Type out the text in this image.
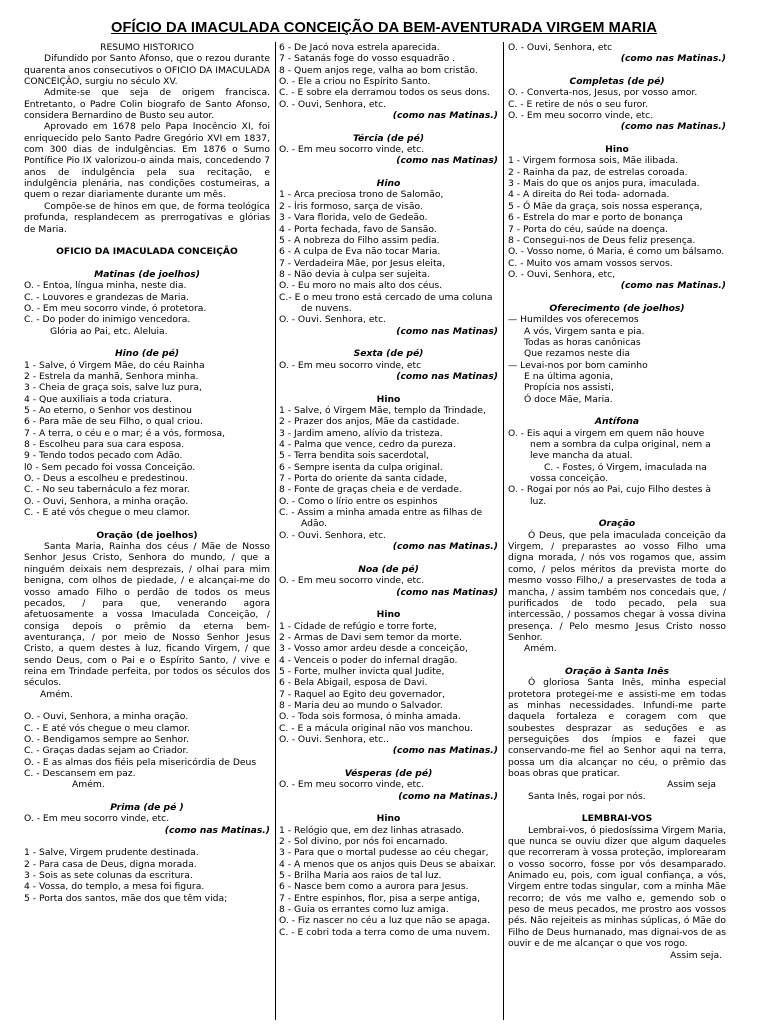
OFÍCIO DA IMACULADA CONCEIÇÃO DA BEM-AVENTURADA VIRGEM MARIA

RESUMO HISTORICO

Difundido por Santo Afonso, que o rezou durante quarenta anos consecutivos o OFICIO DA IMACULADA CONCEIÇÃO, surgiu no século XV.

Admite-se que seja de origem francisca. Entretanto, o Padre Colin biografo de Santo Afonso, considera Bernardino de Busto seu autor.

Aprovado em 1678 pelo Papa Inocêncio XI, foi enriquecido pelo Santo Padre Gregório XVI em 1837, com 300 dias de indulgências. Em 1876 o Sumo Pontífice Pio IX valorizou-o ainda mais, concedendo 7 anos de indulgência pela sua recitação, e indulgência plenária, nas condições costumeiras, a quem o rezar diariamente durante um mês.

Compõe-se de hinos em que, de forma teológica profunda, resplandecem as prerrogativas e glórias de Maria.

OFICIO DA IMACULADA CONCEIÇÃO

Matinas (de joelhos)

O. - Entoa, língua minha, neste dia.

C. - Louvores e grandezas de Maria.

O. - Em meu socorro vinde, ó protetora.

C. - Do poder do inimigo vencedora.

Glória ao Pai, etc. Aleluia.

Hino (de pé)

1 - Salve, ó Virgem Mãe, do céu Rainha

2 - Estrela da manhã, Senhora minha.

3 - Cheia de graça sois, salve luz pura,

4 - Que auxiliais a toda criatura.

5 - Ao eterno, o Senhor vos destinou

6 - Para mãe de seu Filho, o qual criou.

7 - A terra, o céu e o mar; é a vós, formosa,

8 - Escolheu para sua cara esposa.

9 - Tendo todos pecado com Adão.

l0 - Sem pecado foi vossa Conceição.

O. - Deus a escolheu e predestinou.

C. - No seu tabernáculo a fez morar.

O. - Ouvi, Senhora, a minha oração.

C. - E até vós chegue o meu clamor.

Oração (de joelhos)

Santa Maria, Rainha dos céus / Mãe de Nosso Senhor Jesus Cristo, Senhora do mundo, / que a ninguém deixais nem desprezais, / olhai para mim benigna, com olhos de piedade, / e alcançai-me do vosso amado Filho o perdão de todos os meus pecados, / para que, venerando agora afetuosamente a vossa Imaculada Conceição, / consiga depois o prêmio da eterna bem-aventurança, / por meio de Nosso Senhor Jesus Cristo, a quem destes à luz, ficando Virgem, / que sendo Deus, com o Pai e o Espírito Santo, / vive e reina em Trindade perfeita, por todos os séculos dos séculos.

Amém.

O. - Ouvi, Senhora, a minha oração.

C. - E até vós chegue o meu clamor.

O. - Bendigamos sempre ao Senhor.

C. - Graças dadas sejam ao Criador.

O. - E as almas dos fiéis pela misericórdia de Deus

C. - Descansem em paz.

Amém.

Prima (de pé )

O. - Em meu socorro vinde, etc.

(como nas Matinas.)

1 - Salve, Virgem prudente destinada.

2 - Para casa de Deus, digna morada.

3 - Sois as sete colunas da escritura.

4 - Vossa, do templo, a mesa foi figura.

5 - Porta dos santos, mãe dos que têm vida;

6 - De Jacó nova estrela aparecida.

7 - Satanás foge do vosso esquadrão .

8 - Quem anjos rege, valha ao bom cristão.

O. - Ele a criou no Espírito Santo.

C. - E sobre ela derramou todos os seus dons.

O. - Ouvi, Senhora, etc.

(como nas Matinas.)

Tércia (de pé)

O. - Em meu socorro vinde, etc.

(como nas Matinas)

Hino

1 - Arca preciosa trono de Salomão,

2 - Íris formoso, sarça de visão.

3 - Vara florida, velo de Gedeão.

4 - Porta fechada, favo de Sansão.

5 - A nobreza do Filho assim pedia.

6 - A culpa de Eva não tocar Maria.

7 - Verdadeira Mãe, por Jesus eleita,

8 - Não devia à culpa ser sujeita.

O. - Eu moro no mais alto dos céus.

C.- E o meu trono está cercado de uma coluna de nuvens.

O. - Ouvi. Senhora, etc.

(como nas Matinas)

Sexta (de pé)

O. - Em meu socorro vinde, etc

(como nas Matinas)

Hino

1 - Salve, ó Virgem Mãe, templo da Trindade,

2 - Prazer dos anjos, Mãe da castidade.

3 - Jardim ameno, alívio da tristeza.

4 - Palma que vence, cedro da pureza.

5 - Terra bendita sois sacerdotal,

6 - Sempre isenta da culpa original.

7 - Porta do oriente da santa cidade,

8 - Fonte de graças cheia e de verdade.

O. - Como o lírio entre os espinhos

C. - Assim a minha amada entre as filhas de Adão.

O. - Ouvi. Senhora, etc.

(como nas Matinas.)

Noa (de pé)

O. - Em meu socorro vinde, etc.

(como nas Matinas)

Hino

1 - Cidade de refúgio e torre forte,

2 - Armas de Davi sem temor da morte.

3 - Vosso amor ardeu desde a conceição,

4 - Venceis o poder do infernal dragão.

5 - Forte, mulher invicta qual Judite,

6 - Bela Abigail, esposa de Davi.

7 - Raquel ao Egito deu governador,

8 - Maria deu ao mundo o Salvador.

O. - Toda sois formosa, ó minha amada.

C. - E a mácula original não vos manchou.

O. - Ouvi. Senhora, etc..

(como nas Matinas.)

Vésperas (de pé)

O. - Em meu socorro vinde, etc.

(como na Matinas.)

Hino

1 - Relógio que, em dez linhas atrasado.

2 - Sol divino, por nós foi encarnado.

3 - Para que o mortal pudesse ao céu chegar,

4 - A menos que os anjos quis Deus se abaixar.

5 - Brilha Maria aos raios de tal luz.

6 - Nasce bem como a aurora para Jesus.

7 - Entre espinhos, flor, pisa a serpe antiga,

8 - Guia os errantes como luz amiga.

O. - Fiz nascer no céu a luz que não se apaga.

C. - E cobri toda a terra como de uma nuvem.

O. - Ouvi, Senhora, etc

(como nas Matinas.)

Completas (de pé)

O. - Converta-nos, Jesus, por vosso amor.

C. - E retire de nós o seu furor.

O. - Em meu socorro vinde, etc.

(como nas Matinas.)

Hino

1 - Virgem formosa sois, Mãe ilibada.

2 - Rainha da paz, de estrelas coroada.

3 - Mais do que os anjos pura, imaculada.

4 - A direita do Rei toda- adornada.

5 - Ó Mãe da graça, sois nossa esperança,

6 - Estrela do mar e porto de bonança

7 - Porta do céu, saúde na doença.

8 - Consegui-nos de Deus feliz presença.

O. - Vosso nome, ó Maria, é como um bálsamo.

C. - Muito vos amam vossos servos.

O. - Ouvi, Senhora, etc,

(como nas Matinas.)

Oferecimento (de joelhos)

— Humildes vos oferecemos

A vós, Virgem santa e pia.

Todas as horas canônicas

Que rezamos neste dia

— Levai-nos por bom caminho

E na última agonia,

Propícia nos assisti,

Ó doce Mãe, Maria.

Antífona

O. - Eis aqui a virgem em quem não houve nem a sombra da culpa original, nem a leve mancha da atual.

C. - Fostes, ó Virgem, imaculada na vossa conceição.

O. - Rogai por nós ao Pai, cujo Filho destes à luz.

Oração

Ó Deus, que pela imaculada conceição da Virgem, / preparastes ao vosso Filho uma digna morada, / nós vos rogamos que, assim como, / pelos méritos da prevista morte do mesmo vosso Filho,/ a preservastes de toda a mancha, / assim também nos concedais que, / purificados de todo pecado, pela sua intercessão, / possamos chegar à vossa divina presença. / Pelo mesmo Jesus Cristo nosso Senhor.

Amém.

Oração à Santa Inês

Ó gloriosa Santa Inês, minha especial protetora protegei-me e assisti-me em todas as minhas necessidades. Infundi-me parte daquela fortaleza e coragem com que soubestes desprazar as seduções e as perseguições dos ímpios e fazei que conservando-me fiel ao Senhor aqui na terra, possa um dia alcançar no céu, o prêmio das boas obras que praticar.

Assim seja

Santa Inês, rogai por nós.

LEMBRAI-VOS

Lembrai-vos, ó piedosíssima Virgem Maria, que nunca se ouviu dizer que algum daqueles que recorreram à vossa proteção, implorearam o vosso socorro, fosse por vós desamparado. Animado eu, pois, com igual confiança, a vós, Virgem entre todas singular, com a minha Mãe recorro; de vós me valho e, gemendo sob o peso de meus pecados, me prostro aos vossos pés. Não rejeiteis as minhas súplicas, ó Mãe do Filho de Deus hurnanado, mas dignai-vos de as ouvir e de me alcançar o que vos rogo.

Assim seja.
